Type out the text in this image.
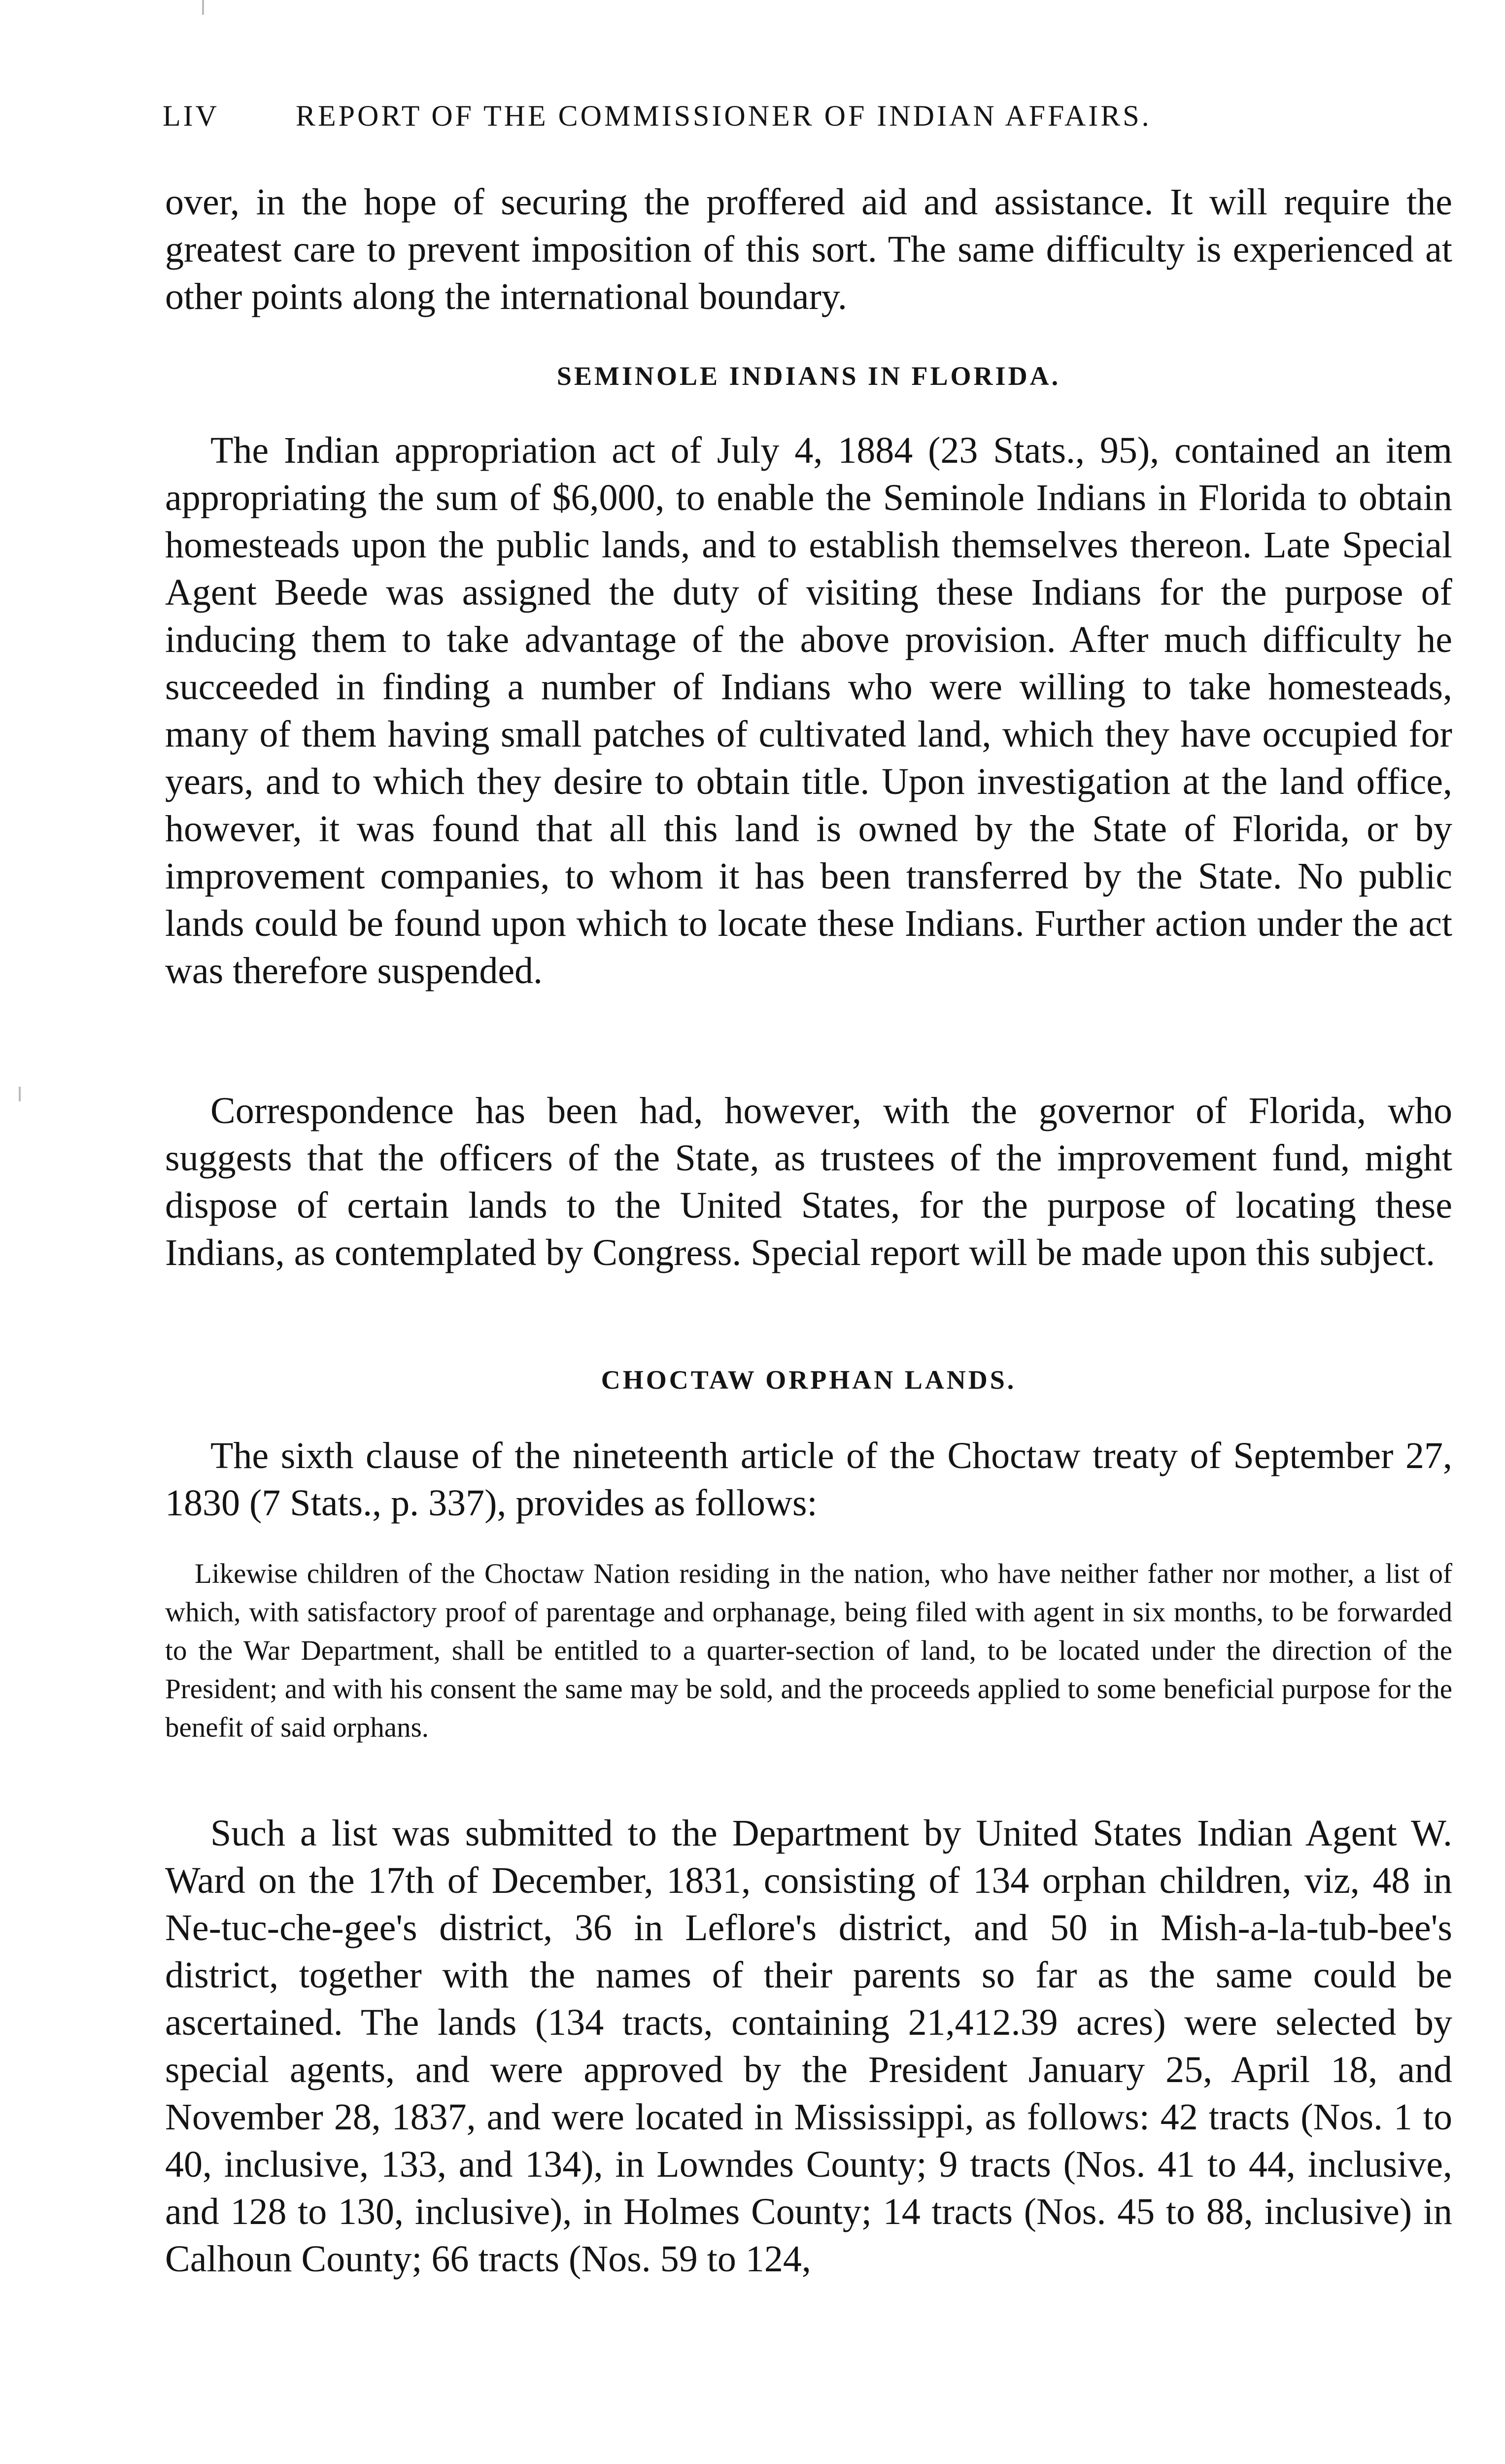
LIV	REPORT OF THE COMMISSIONER OF INDIAN AFFAIRS.

over, in the hope of securing the proffered aid and assistance. It will require the greatest care to prevent imposition of this sort. The same difficulty is experienced at other points along the international boundary.

SEMINOLE INDIANS IN FLORIDA.

The Indian appropriation act of July 4, 1884 (23 Stats., 95), contained an item appropriating the sum of $6,000, to enable the Seminole Indians in Florida to obtain homesteads upon the public lands, and to establish themselves thereon. Late Special Agent Beede was assigned the duty of visiting these Indians for the purpose of inducing them to take advantage of the above provision. After much difficulty he succeeded in finding a number of Indians who were willing to take homesteads, many of them having small patches of cultivated land, which they have occupied for years, and to which they desire to obtain title. Upon investigation at the land office, however, it was found that all this land is owned by the State of Florida, or by improvement companies, to whom it has been transferred by the State. No public lands could be found upon which to locate these Indians. Further action under the act was therefore suspended.

Correspondence has been had, however, with the governor of Florida, who suggests that the officers of the State, as trustees of the improvement fund, might dispose of certain lands to the United States, for the purpose of locating these Indians, as contemplated by Congress. Special report will be made upon this subject.

CHOCTAW ORPHAN LANDS.

The sixth clause of the nineteenth article of the Choctaw treaty of September 27, 1830 (7 Stats., p. 337), provides as follows:

Likewise children of the Choctaw Nation residing in the nation, who have neither father nor mother, a list of which, with satisfactory proof of parentage and orphanage, being filed with agent in six months, to be forwarded to the War Department, shall be entitled to a quarter-section of land, to be located under the direction of the President; and with his consent the same may be sold, and the proceeds applied to some beneficial purpose for the benefit of said orphans.

Such a list was submitted to the Department by United States Indian Agent W. Ward on the 17th of December, 1831, consisting of 134 orphan children, viz, 48 in Ne-tuc-che-gee's district, 36 in Leflore's district, and 50 in Mish-a-la-tub-bee's district, together with the names of their parents so far as the same could be ascertained. The lands (134 tracts, containing 21,412.39 acres) were selected by special agents, and were approved by the President January 25, April 18, and November 28, 1837, and were located in Mississippi, as follows: 42 tracts (Nos. 1 to 40, inclusive, 133, and 134), in Lowndes County; 9 tracts (Nos. 41 to 44, inclusive, and 128 to 130, inclusive), in Holmes County; 14 tracts (Nos. 45 to 88, inclusive) in Calhoun County; 66 tracts (Nos. 59 to 124,
